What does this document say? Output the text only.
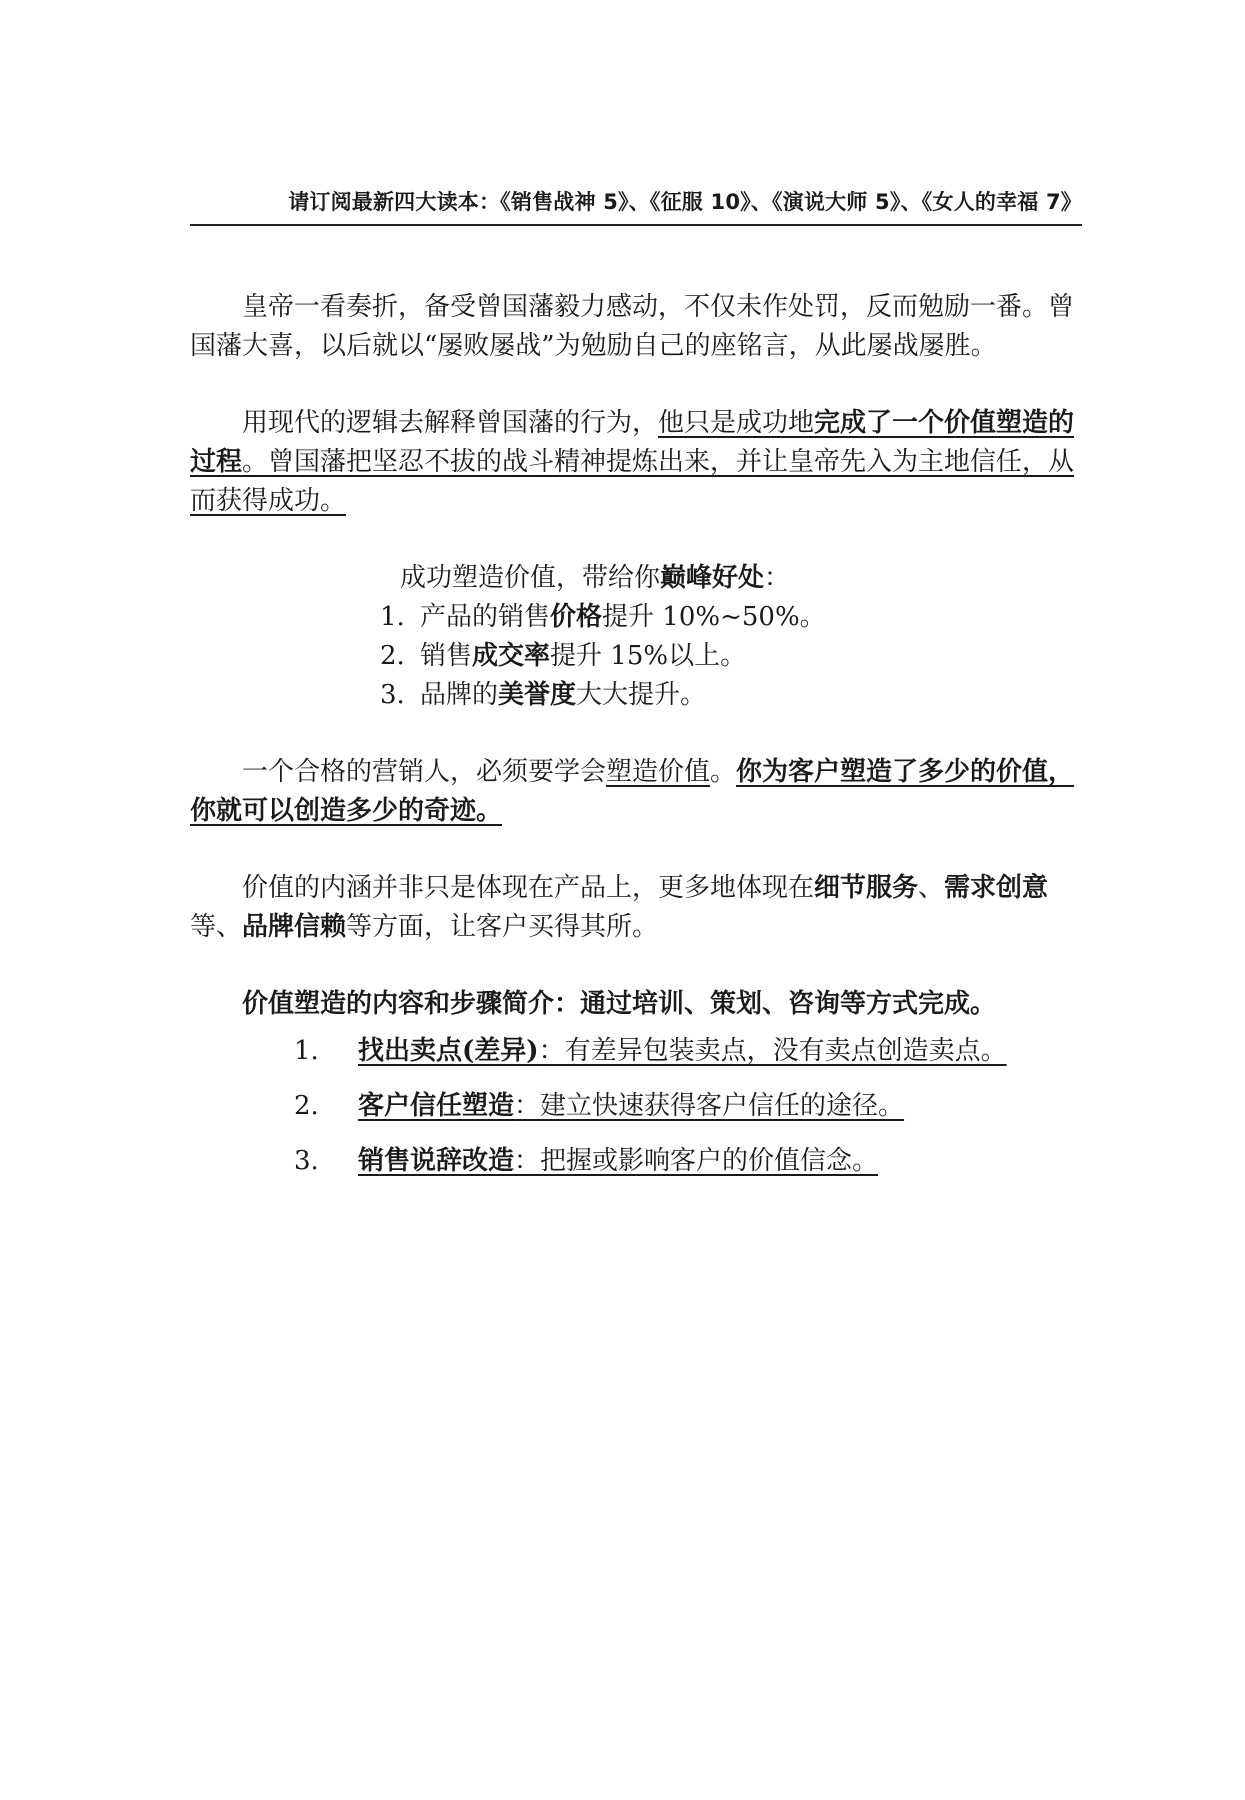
请订阅最新四大读本：《销售战神 5》、《征服 10》、《演说大师 5》、《女人的幸福 7》

皇帝一看奏折，备受曾国藩毅力感动，不仅未作处罚，反而勉励一番。曾国藩大喜，以后就以“屡败屡战”为勉励自己的座铭言，从此屡战屡胜。

用现代的逻辑去解释曾国藩的行为，他只是成功地完成了一个价值塑造的过程。曾国藩把坚忍不拔的战斗精神提炼出来，并让皇帝先入为主地信任，从而获得成功。

成功塑造价值，带给你巅峰好处：
1. 产品的销售 价格 提升 10%~50%。
2. 销售 成交率 提升 15%以上。
3. 品牌的 美誉度 大大提升。

一个合格的营销人，必须要学会塑造价值。你为客户塑造了多少的价值，你就可以创造多少的奇迹。

价值的内涵并非只是体现在产品上，更多地体现在细节服务、需求创意等、品牌信赖等方面，让客户买得其所。

价值塑造的内容和步骤简介：通过培训、策划、咨询等方式完成。

1.	找出卖点(差异)：有差异包装卖点，没有卖点创造卖点。
2.	客户信任塑造：建立快速获得客户信任的途径。
3.	销售说辞改造：把握或影响客户的价值信念。
